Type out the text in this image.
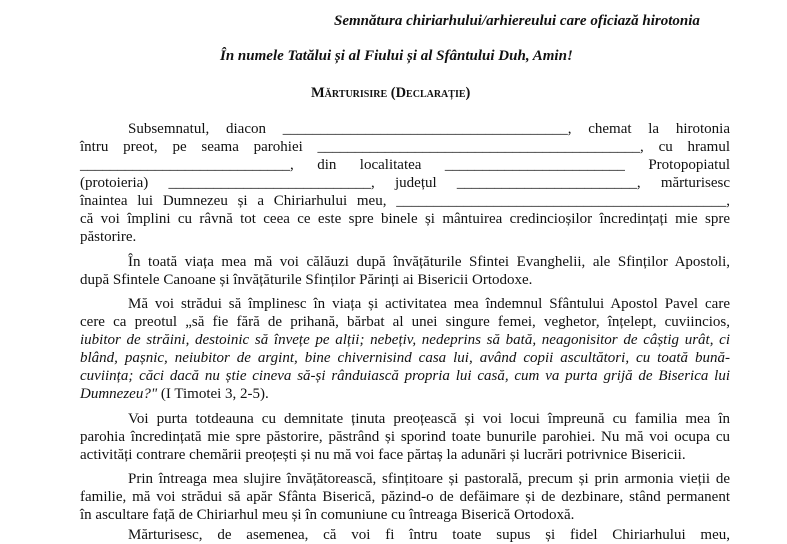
Semnătura chiriarhului/arhiereului care oficiază hirotonia
În numele Tatălui și al Fiului și al Sfântului Duh, Amin!
Mărturisire (Declarație)
Subsemnatul, diacon ______________________________________, chemat la hirotonia
întru preot, pe seama parohiei ___________________________________________, cu hramul
____________________________, din localitatea ________________________ Protopopiatul
(protoieria) ___________________________, județul ________________________, mărturisesc
înaintea lui Dumnezeu și a Chiriarhului meu, ____________________________________________,
că voi împlini cu râvnă tot ceea ce este spre binele și mântuirea credincioșilor încredințați mie spre
păstorire.
În toată viața mea mă voi călăuzi după învățăturile Sfintei Evanghelii, ale Sfinților Apostoli,
după Sfintele Canoane și învățăturile Sfinților Părinți ai Bisericii Ortodoxe.
Mă voi strădui să împlinesc în viața și activitatea mea îndemnul Sfântului Apostol Pavel care
cere ca preotul „să fie fără de prihană, bărbat al unei singure femei, veghetor, înțelept, cuviincios,
iubitor de străini, destoinic să învețe pe alții; nebețiv, nedeprins să bată, neagonisitor de câștig urât, ci
blând, pașnic, neiubitor de argint, bine chivernisind casa lui, având copii ascultători, cu toată bună-
cuviința; căci dacă nu știe cineva să-și rânduiască propria lui casă, cum va purta grijă de Biserica lui
Dumnezeu?" (I Timotei 3, 2-5).
Voi purta totdeauna cu demnitate ținuta preoțească și voi locui împreună cu familia mea în
parohia încredințată mie spre păstorire, păstrând și sporind toate bunurile parohiei. Nu mă voi ocupa cu
activități contrare chemării preoțești și nu mă voi face părtaș la adunări și lucrări potrivnice Bisericii.
Prin întreaga mea slujire învățătorească, sfințitoare și pastorală, precum și prin armonia vieții de
familie, mă voi strădui să apăr Sfânta Biserică, păzind-o de defăimare și de dezbinare, stând permanent
în ascultare față de Chiriarhul meu și în comuniune cu întreaga Biserică Ortodoxă.
Mărturisesc, de asemenea, că voi fi întru toate supus și fidel Chiriarhului meu,
